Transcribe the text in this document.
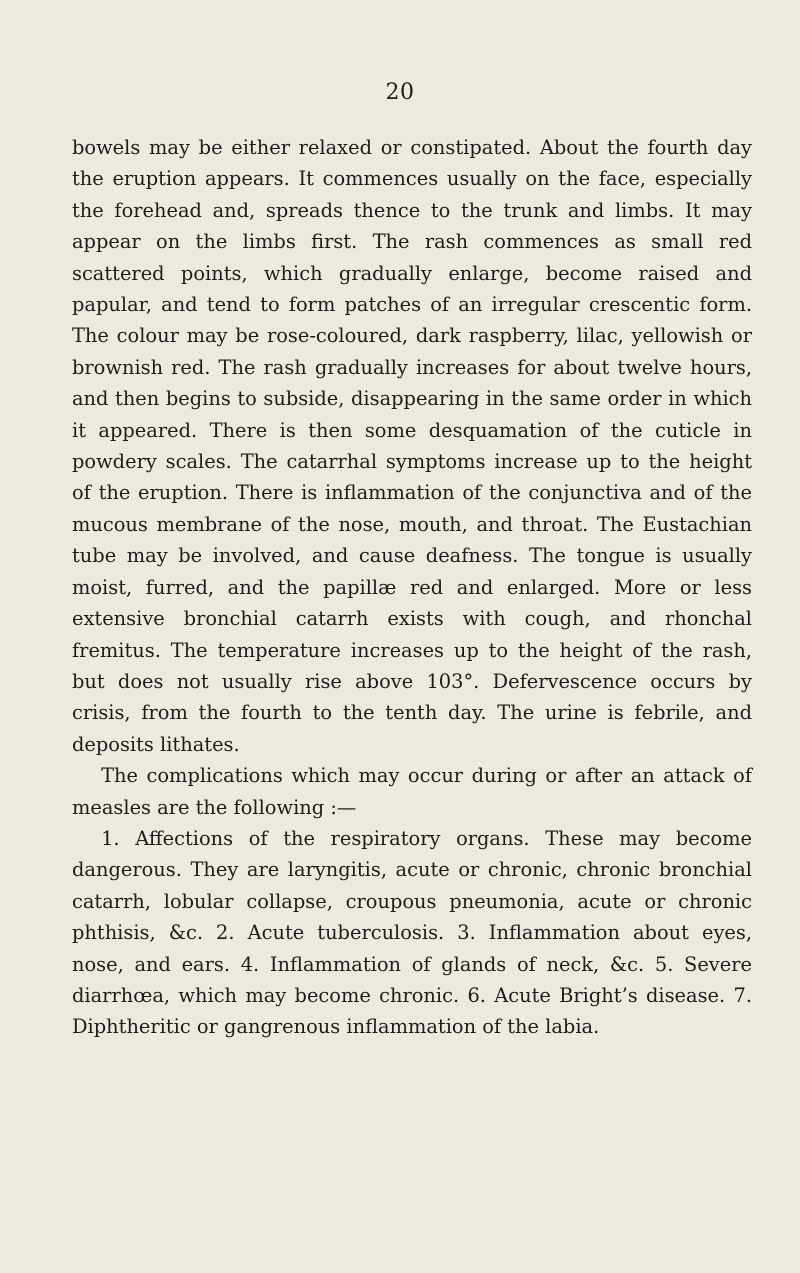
20

bowels may be either relaxed or constipated. About the fourth day the eruption appears. It commences usually on the face, especially the forehead and, spreads thence to the trunk and limbs. It may appear on the limbs first. The rash commences as small red scattered points, which gradually enlarge, become raised and papular, and tend to form patches of an irregular crescentic form. The colour may be rose-coloured, dark raspberry, lilac, yellowish or brownish red. The rash gradually increases for about twelve hours, and then begins to subside, disappearing in the same order in which it appeared. There is then some desquamation of the cuticle in powdery scales. The catarrhal symptoms increase up to the height of the eruption. There is inflammation of the conjunctiva and of the mucous membrane of the nose, mouth, and throat. The Eustachian tube may be involved, and cause deafness. The tongue is usually moist, furred, and the papillæ red and enlarged. More or less extensive bronchial catarrh exists with cough, and rhonchal fremitus. The temperature increases up to the height of the rash, but does not usually rise above 103°. Defervescence occurs by crisis, from the fourth to the tenth day. The urine is febrile, and deposits lithates.

The complications which may occur during or after an attack of measles are the following :—

1. Affections of the respiratory organs. These may become dangerous. They are laryngitis, acute or chronic, chronic bronchial catarrh, lobular collapse, croupous pneumonia, acute or chronic phthisis, &c. 2. Acute tuberculosis. 3. Inflammation about eyes, nose, and ears. 4. Inflammation of glands of neck, &c. 5. Severe diarrhœa, which may become chronic. 6. Acute Bright’s disease. 7. Diphtheritic or gangrenous inflammation of the labia.
